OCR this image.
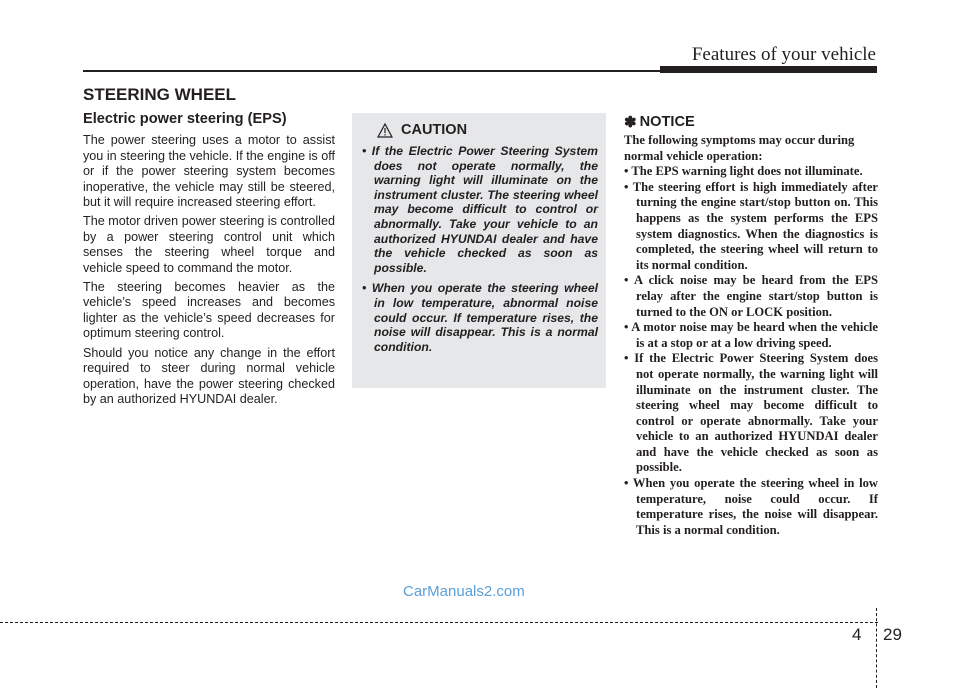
Features of your vehicle
STEERING WHEEL
Electric power steering (EPS)

The power steering uses a motor to assist you in steering the vehicle. If the engine is off or if the power steering system becomes inoperative, the vehicle may still be steered, but it will require increased steering effort.

The motor driven power steering is controlled by a power steering control unit which senses the steering wheel torque and vehicle speed to command the motor.

The steering becomes heavier as the vehicle’s speed increases and becomes lighter as the vehicle’s speed decreases for optimum steering control.

Should you notice any change in the effort required to steer during normal vehicle operation, have the power steering checked by an authorized HYUNDAI dealer.

CAUTION
• If the Electric Power Steering System does not operate normally, the warning light will illuminate on the instrument cluster. The steering wheel may become difficult to control or abnormally. Take your vehicle to an authorized HYUNDAI dealer and have the vehicle checked as soon as possible.
• When you operate the steering wheel in low temperature, abnormal noise could occur. If temperature rises, the noise will disappear. This is a normal condition.
✽ NOTICE

The following symptoms may occur during normal vehicle operation:

• The EPS warning light does not illuminate.
• The steering effort is high immediately after turning the engine start/stop button on. This happens as the system performs the EPS system diagnostics. When the diagnostics is completed, the steering wheel will return to its normal condition.
• A click noise may be heard from the EPS relay after the engine start/stop button is turned to the ON or LOCK position.
• A motor noise may be heard when the vehicle is at a stop or at a low driving speed.
• If the Electric Power Steering System does not operate normally, the warning light will illuminate on the instrument cluster. The steering wheel may become difficult to control or operate abnormally. Take your vehicle to an authorized HYUNDAI dealer and have the vehicle checked as soon as possible.
• When you operate the steering wheel in low temperature, noise could occur. If temperature rises, the noise will disappear. This is a normal condition.
CarManuals2.com
4 29
